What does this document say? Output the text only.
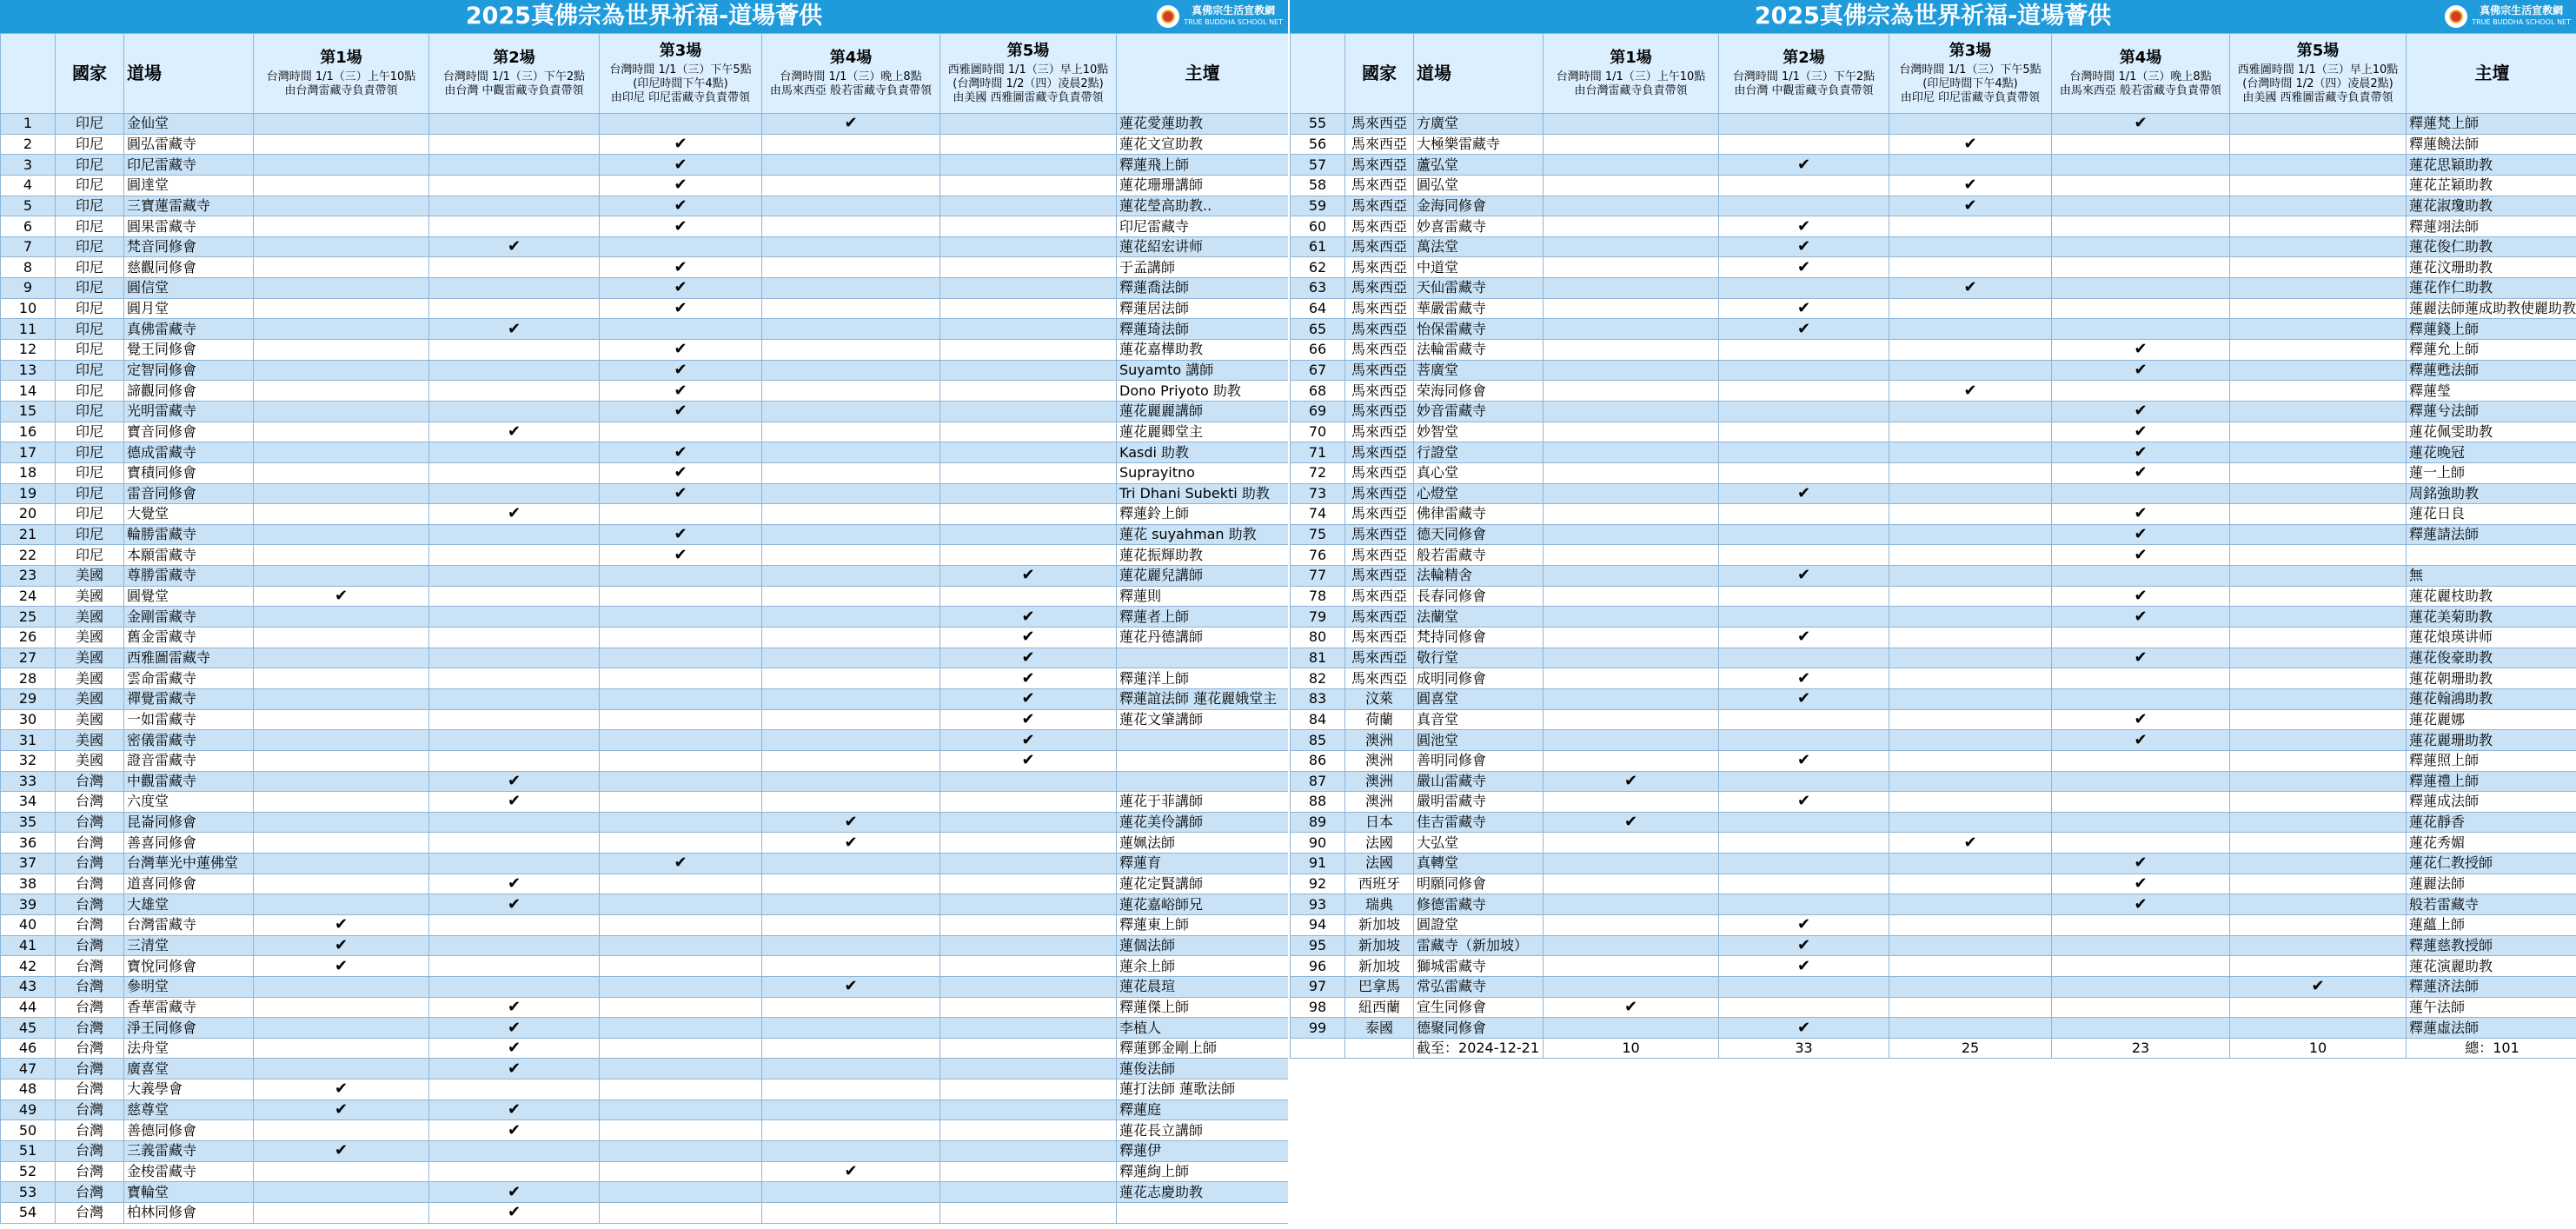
2025真佛宗為世界祈福-道場薈供	真佛宗生活宣教網
TRUE BUDDHA SCHOOL NET
	國家	道場	第1場
台灣時間 1/1（三）上午10點
由台灣雷藏寺負責帶領	第2場
台灣時間 1/1（三）下午2點
由台灣 中觀雷藏寺負責帶領	第3場
台灣時間 1/1（三）下午5點
(印尼時間下午4點)
由印尼 印尼雷藏寺負責帶領	第4場
台灣時間 1/1（三）晚上8點
由馬來西亞 般若雷藏寺負責帶領	第5場
西雅圖時間 1/1（三）早上10點
(台灣時間 1/2（四）凌晨2點)
由美國 西雅圖雷藏寺負責帶領	主壇
1	印尼	金仙堂				✔		蓮花愛蓮助教
2	印尼	圓弘雷藏寺			✔			蓮花文宣助教
3	印尼	印尼雷藏寺			✔			釋蓮飛上師
4	印尼	圓達堂			✔			蓮花珊珊講師
5	印尼	三寶蓮雷藏寺			✔			蓮花瑩高助教..
6	印尼	圓果雷藏寺			✔			印尼雷藏寺
7	印尼	梵音同修會		✔				蓮花紹宏讲师
8	印尼	慈觀同修會			✔			于孟講師
9	印尼	圓信堂			✔			釋蓮喬法師
10	印尼	圓月堂			✔			釋蓮居法師
11	印尼	真佛雷藏寺		✔				釋蓮琦法師
12	印尼	覺王同修會			✔			蓮花嘉樺助教
13	印尼	定智同修會			✔			Suyamto 講師
14	印尼	諦觀同修會			✔			Dono Priyoto 助教
15	印尼	光明雷藏寺			✔			蓮花麗麗講師
16	印尼	寶音同修會		✔				蓮花麗卿堂主
17	印尼	德成雷藏寺			✔			Kasdi 助教
18	印尼	寶積同修會			✔			Suprayitno
19	印尼	雷音同修會			✔			Tri Dhani Subekti 助教
20	印尼	大覺堂		✔				釋蓮鈴上師
21	印尼	輪勝雷藏寺			✔			蓮花 suyahman 助教
22	印尼	本願雷藏寺			✔			蓮花振輝助教
23	美國	尊勝雷藏寺					✔	蓮花麗兒講師
24	美國	圓覺堂	✔					釋蓮則
25	美國	金剛雷藏寺					✔	釋蓮者上師
26	美國	舊金雷藏寺					✔	蓮花丹德講師
27	美國	西雅圖雷藏寺					✔	
28	美國	雲命雷藏寺					✔	釋蓮洋上師
29	美國	禪覺雷藏寺					✔	釋蓮誼法師 蓮花麗娥堂主
30	美國	一如雷藏寺					✔	蓮花文肇講師
31	美國	密儀雷藏寺					✔	
32	美國	證音雷藏寺					✔	
33	台灣	中觀雷藏寺		✔				
34	台灣	六度堂		✔				蓮花于菲講師
35	台灣	昆崙同修會				✔		蓮花美伶講師
36	台灣	善喜同修會				✔		蓮姵法師
37	台灣	台灣華光中蓮佛堂			✔			釋蓮育
38	台灣	道喜同修會		✔				蓮花定賢講師
39	台灣	大雄堂		✔				蓮花嘉峪師兄
40	台灣	台灣雷藏寺	✔					釋蓮東上師
41	台灣	三清堂	✔					蓮個法師
42	台灣	寶悅同修會	✔					蓮余上師
43	台灣	參明堂				✔		蓮花晨瑄
44	台灣	香華雷藏寺		✔				釋蓮傑上師
45	台灣	淨王同修會		✔				李植人
46	台灣	法舟堂		✔				釋蓮鄧金剛上師
47	台灣	廣喜堂		✔				蓮俊法師
48	台灣	大義學會	✔					蓮打法師 蓮歌法師
49	台灣	慈尊堂	✔	✔				釋蓮庭
50	台灣	善德同修會		✔				蓮花長立講師
51	台灣	三義雷藏寺	✔					釋蓮伊
52	台灣	金梭雷藏寺				✔		釋蓮絢上師
53	台灣	寶輪堂		✔				蓮花志慶助教
54	台灣	柏林同修會		✔				
2025真佛宗為世界祈福-道場薈供	真佛宗生活宣教網
TRUE BUDDHA SCHOOL NET
	國家	道場	第1場
台灣時間 1/1（三）上午10點
由台灣雷藏寺負責帶領	第2場
台灣時間 1/1（三）下午2點
由台灣 中觀雷藏寺負責帶領	第3場
台灣時間 1/1（三）下午5點
(印尼時間下午4點)
由印尼 印尼雷藏寺負責帶領	第4場
台灣時間 1/1（三）晚上8點
由馬來西亞 般若雷藏寺負責帶領	第5場
西雅圖時間 1/1（三）早上10點
(台灣時間 1/2（四）凌晨2點)
由美國 西雅圖雷藏寺負責帶領	主壇
55	馬來西亞	方廣堂				✔		釋蓮梵上師
56	馬來西亞	大極樂雷藏寺			✔			釋蓮饒法師
57	馬來西亞	蘆弘堂		✔				蓮花思穎助教
58	馬來西亞	圓弘堂			✔			蓮花芷穎助教
59	馬來西亞	金海同修會			✔			蓮花淑瓊助教
60	馬來西亞	妙喜雷藏寺		✔				釋蓮翊法師
61	馬來西亞	萬法堂		✔				蓮花俊仁助教
62	馬來西亞	中道堂		✔				蓮花汶珊助教
63	馬來西亞	天仙雷藏寺			✔			蓮花作仁助教
64	馬來西亞	華嚴雷藏寺		✔				蓮麗法師蓮成助教使麗助教
65	馬來西亞	怡保雷藏寺		✔				釋蓮錢上師
66	馬來西亞	法輪雷藏寺				✔		釋蓮允上師
67	馬來西亞	菩廣堂				✔		釋蓮甦法師
68	馬來西亞	荣海同修會			✔			釋蓮瑩
69	馬來西亞	妙音雷藏寺				✔		釋蓮兮法師
70	馬來西亞	妙智堂				✔		蓮花佩雯助教
71	馬來西亞	行證堂				✔		蓮花晚冠
72	馬來西亞	真心堂				✔		蓮一上師
73	馬來西亞	心燈堂		✔				周銘強助教
74	馬來西亞	佛律雷藏寺				✔		蓮花日良
75	馬來西亞	德天同修會				✔		釋蓮請法師
76	馬來西亞	般若雷藏寺				✔		
77	馬來西亞	法輪精舍		✔				無
78	馬來西亞	長春同修會				✔		蓮花麗枝助教
79	馬來西亞	法蘭堂				✔		蓮花美菊助教
80	馬來西亞	梵持同修會		✔				蓮花烺瑛讲师
81	馬來西亞	敬行堂				✔		蓮花俊豪助教
82	馬來西亞	成明同修會		✔				蓮花朝珊助教
83	汶萊	圓喜堂		✔				蓮花翰鴻助教
84	荷蘭	真音堂				✔		蓮花麗娜
85	澳洲	圓池堂				✔		蓮花麗珊助教
86	澳洲	善明同修會		✔				釋蓮照上師
87	澳洲	嚴山雷藏寺	✔					釋蓮禮上師
88	澳洲	嚴明雷藏寺		✔				釋蓮成法師
89	日本	佳吉雷藏寺	✔					蓮花靜香
90	法國	大弘堂			✔			蓮花秀媚
91	法國	真轉堂				✔		蓮花仁教授師
92	西班牙	明願同修會				✔		蓮麗法師
93	瑞典	修德雷藏寺				✔		般若雷藏寺
94	新加坡	圓證堂		✔				蓮蘊上師
95	新加坡	雷藏寺（新加坡）		✔				釋蓮慈教授師
96	新加坡	獅城雷藏寺		✔				蓮花演麗助教
97	巴拿馬	常弘雷藏寺					✔	釋蓮济法師
98	紐西蘭	宣生同修會	✔					蓮午法師
99	泰國	德聚同修會		✔				釋蓮虛法師
		截至：2024-12-21	10	33	25	23	10	總：101
